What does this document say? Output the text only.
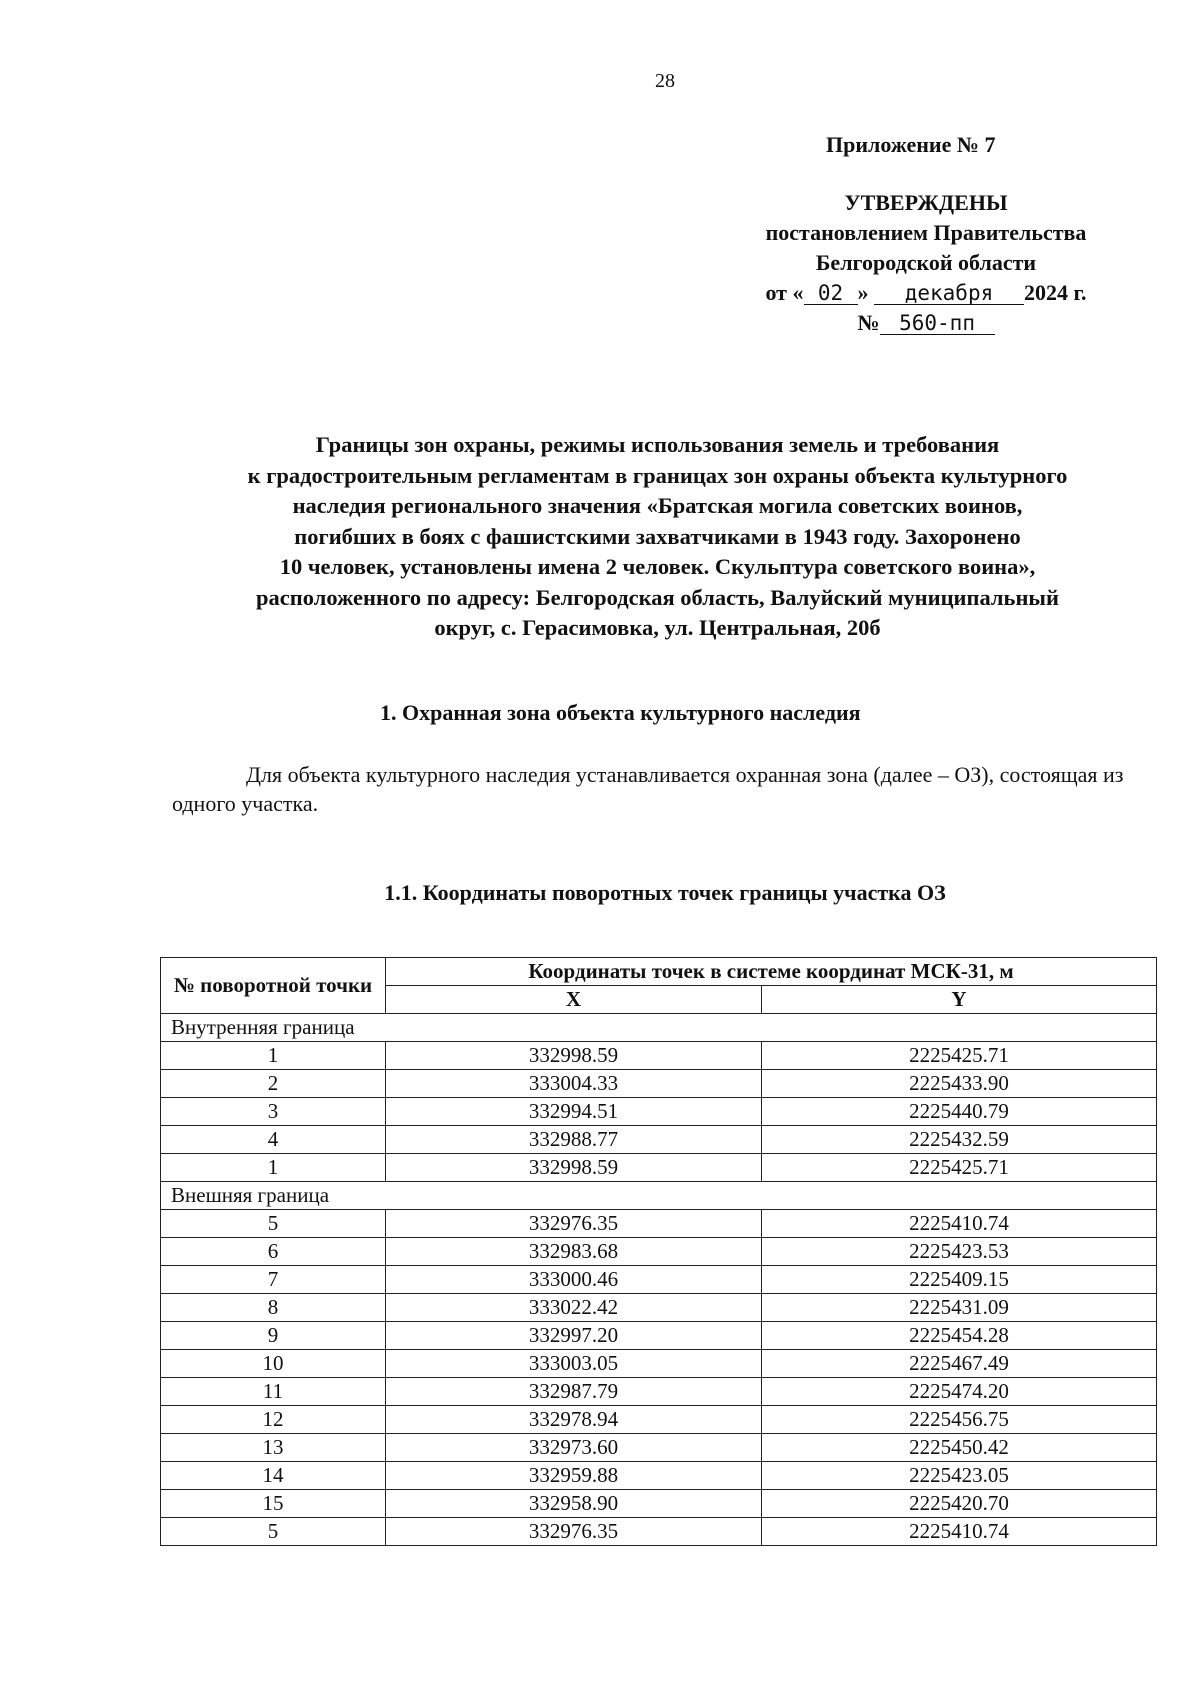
28
Приложение № 7
УТВЕРЖДЕНЫ
постановлением Правительства
Белгородской области
от « 02 » декабря 2024 г.
№ 560-пп
Границы зон охраны, режимы использования земель и требования
к градостроительным регламентам в границах зон охраны объекта культурного
наследия регионального значения «Братская могила советских воинов,
погибших в боях с фашистскими захватчиками в 1943 году. Захоронено
10 человек, установлены имена 2 человек. Скульптура советского воина»,
расположенного по адресу: Белгородская область, Валуйский муниципальный
округ, с. Герасимовка, ул. Центральная, 20б
1. Охранная зона объекта культурного наследия
Для объекта культурного наследия устанавливается охранная зона (далее – ОЗ), состоящая из одного участка.
1.1. Координаты поворотных точек границы участка ОЗ
№ поворотной точки	Координаты точек в системе координат МСК-31, м	
	X	Y
Внутренняя граница		
1	332998.59	2225425.71
2	333004.33	2225433.90
3	332994.51	2225440.79
4	332988.77	2225432.59
1	332998.59	2225425.71
Внешняя граница		
5	332976.35	2225410.74
6	332983.68	2225423.53
7	333000.46	2225409.15
8	333022.42	2225431.09
9	332997.20	2225454.28
10	333003.05	2225467.49
11	332987.79	2225474.20
12	332978.94	2225456.75
13	332973.60	2225450.42
14	332959.88	2225423.05
15	332958.90	2225420.70
5	332976.35	2225410.74
